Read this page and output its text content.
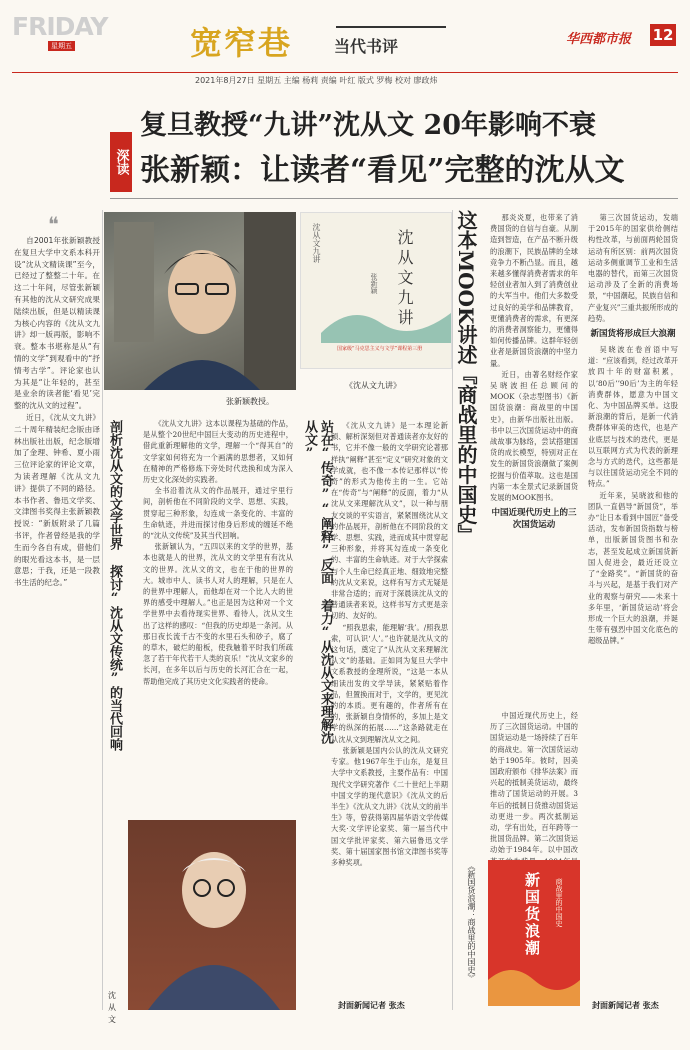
FRIDAY
星期五	宽窄巷	当代书评	华西都市报 12
2021年8月27日 星期五 主编 杨莉 责编 叶红 版式 罗梅 校对 廖政炜
深读
复旦教授“九讲”沈从文 20年影响不衰
张新颖：让读者“看见”完整的沈从文
❝

自2001年张新颖教授在复旦大学中文系本科开设“沈从文精读课”至今，已经过了整整二十年。在这二十年间，尽管张新颖有其他的沈从文研究成果陆续出版，但是以精读课为核心内容的《沈从文九讲》却一版再版，影响不衰。整本书堪称是从“有情的文学”到观看中的“抒情考古学”。评论家也认为其是“让年轻的，甚至是业余的读者能‘看见’完整的沈从文的过程”。

近日，《沈从文九讲》二十周年精装纪念版由译林出版社出版，纪念版增加了金理、钟希、夏小雨三位评论家的评论文章，为读者理解《沈从文九讲》提供了不同的路径。本书作者、鲁迅文学奖、文津图书奖得主张新颖教授说：“新版附录了几篇书评，作者曾经是我的学生而今各自有成，借他们的眼光看这本书，是一层意思；于我，还是一段教书生活的纪念。”

张新颖教授。
沈从文九讲
沈从文九讲
张新颖
国家级“马克思主义与文学”课程第三册
《沈从文九讲》
剖析沈从文的文学世界 探讨“沈从文传统”的当代回响	《沈从文九讲》这本以课程为基础的作品，是从整个20世纪中国巨大变动的历史进程中，借此重新理解他的文学，理解一个“得其自”的文学家如何将充为一个画满的思想者，又如何在精神的严格修炼下旁处时代迭换和成为深入历史文化深处的实践者。

全书沿着沈从文的作品展开，通过宇里行间，剖析他在不同阶段的文学、思想、实践，贯穿起三种形象，勾连成一条变化的、丰富的生命轨迹，并进而探讨他身后形成的缠延不绝的“沈从文传统”及其当代回响。

张新颖认为，“五四以来的文学的世界，基本也就是人的世界，沈从文的文学里有有沈从文的世界。沈从文的文，也在于他的世界的大。城市中人、读书人对人的理解，只是在人的世界中理解人，而他却在对一个比人大的世界的感受中理解人。”也正是因为这种对一个文学世界中去看待现实世界、看待人，沈从文生出了这样的感叹：“但我的历史却是一条河。从那日夜长流千古不变的水里石头和砂子，腐了的草木，破烂的船板，使我触着平时我们所疏忽了若干年代若干人类的哀乐！”沈从文家乡的长河，在多年以后与历史的长河汇合在一起，帮助他完成了其历史文化实践者的使命。

沈从文
站在“传奇”“阐释”反面 着力“从沈从文来理解沈从文”	《沈从文九讲》是一本理论新颖、解析深刻但对普通读者亦友好的书，它并不像一般的文学研究论著那样执“阐释”甚至“定义”研究对象的文学成就，也不像一本传记那样以“传奇”的形式为他传主的一生。它站在“传奇”与“阐释”的反面，着力“从沈从文来理解沈从文”，以一种与朋友交谈的平实语言，紧紧围绕沈从文的作品展开，剖析他在不同阶段的文学、思想、实践，进而成其中贯穿起三种形象，并将其勾连成一条变化的、丰富的生命轨迹。对于大学探索与个人生命已经真正地、细致地完整的沈从文来说，这样有写方式无疑是非常合适的；而对于深晨读沈从文的普通读者来说，这样书写方式更是亲切的、友好的。

“照我思索，能理解‘我’。/照我思索，可认识‘人’。”也许就是沈从文的这句话，奠定了“从沈从文来理解沈从文”的基础。正如同为复旦大学中文系教授的金理所说，“这是一本从细读出发的文学导读，紧紧贴着作品，但置换而对于，文学的，更见沈的的本质。更有趣的，作者所有在的，张新颖自身情怀的，多加上是文学的纵深的拓展……”这条路就走在从沈从文到理解沈从文之间。

张新颖是国内公认的沈从文研究专家。他1967年生于山东，是复旦大学中文系教授，主要作品有：中国现代文学研究著作《二十世纪上半期中国文学的现代意识》《沈从文的后半生》《沈从文九讲》《沈从文的前半生》等，曾获得第四届华语文学传媒大奖·文学评论家奖、第一届当代中国文学批评家奖、第六届鲁迅文学奖、第十届国家图书馆文津图书奖等多种奖项。

封面新闻记者 张杰
这本MOOK讲述『商战里的中国史』	那炎炎夏，也带来了消费国货的自信与自豪。从制造到智造，在产品不断升级的浪潮下，民族品牌的全球竞争力不断凸显。而且，越来越多懂得消费者需求的年轻创业者加入到了消费创业的大军当中。他们大多数受过良好的美学和品牌教育，更懂消费者的需求，有更深的消费者洞察能力，更懂得如何传播品牌。这群年轻创业者是新国货浪潮的中坚力量。

近日，由著名财经作家吴晓波担任总顾问的MOOK（杂志型图书）《新国货浪潮：商战里的中国史》，由新华出版社出版。书中以三次国货运动中的商战故事为脉络，尝试搭建国货的成长模型，特别对正在发生的新国货浪潮做了案例挖掘与价值萃取。这也是国内第一本全景式记录新国货发展的MOOK图书。

中国近现代历史上的三次国货运动

中国近现代历史上，经历了三次国货运动。中国的国货运动是一场持续了百年的商战史。第一次国货运动始于1905年。彼时，因美国政府颁布《排华法案》而兴起的抵制美货运动，最终推动了国货运动的开展。3年后的抵制日货推动国货运动更进一步。两次抵制运动，学有出处，百年跨等一批国货品牌。第二次国货运动始于1984年。以中国改

第三次国货运动，发端于2015年的国家供给侧结构性改革，与前面两轮国货运动有所区别：前两次国货运动多侧重调节工业和生活电器的替代，而第三次国货运动涉及了全新的消费场景，“中国潮起，民族自信和产业复兴”三重共振所形成的趋势。

新国货将形成巨大浪潮

吴晓波在卷首语中写道：“应该看到，经过改革开放四十年的财富积累，以’80后’’90后’为主的年轻消费群体，愿意为中国文化、为中国品牌买单。这股新浪潮的背后，是新一代消费群体审美的迭代，也是产业底层与技术的迭代，更是以互联网方式为代表的新理念与方式的迭代，这些都是与以往国货运动完全不同的特点。”

近年来，吴晓波和他的团队一直倡导“新国货”，举办“让日本看到中国匠”备受活动，发布新国货指数与榜单，出版新国货图书和杂志，甚至发起成立新国货新国人促进会，最近还设立了“金路奖”。“新国货的奋斗与兴起，是基于我们对产业的观察与研究——未来十多年里，‘新国货运动’将会形成一个巨大的浪潮，并诞生带有强烈中国文化底色的超级品牌。”

新国货浪潮 商战里的中国史
《新国货浪潮：商战里的中国史》
封面新闻记者 张杰
